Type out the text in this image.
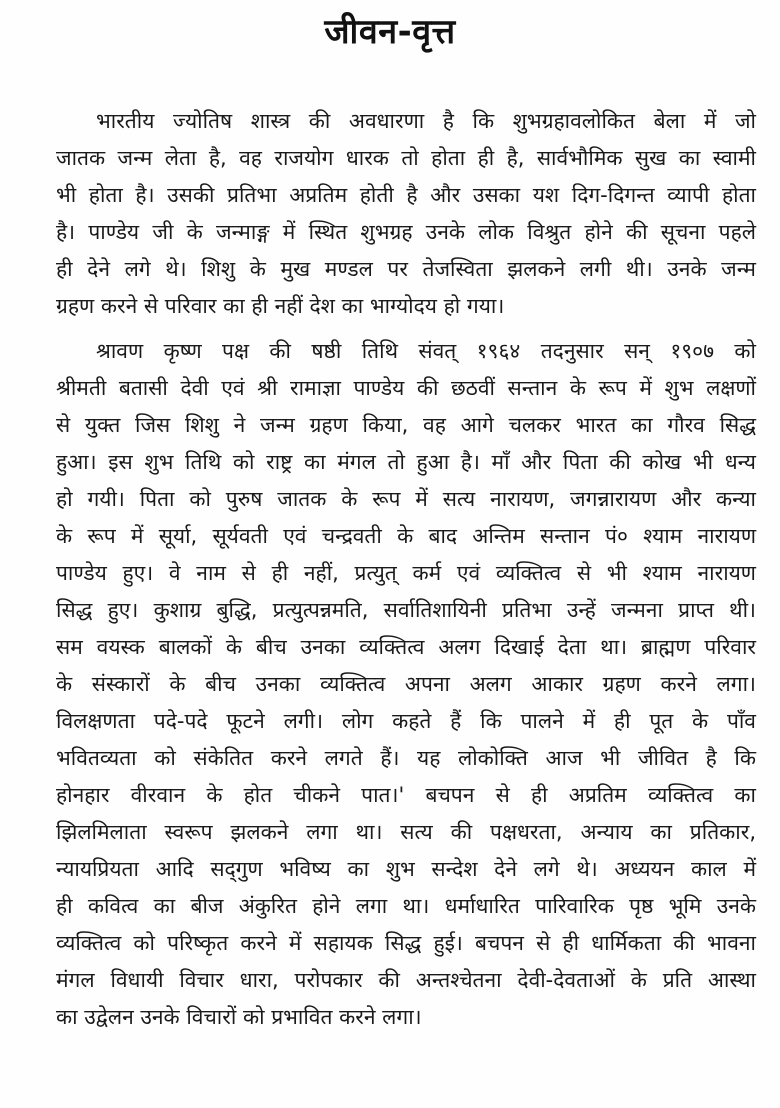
जीवन-वृत्त
भारतीय ज्योतिष शास्त्र की अवधारणा है कि शुभग्रहावलोकित बेला में जो
जातक जन्म लेता है, वह राजयोग धारक तो होता ही है, सार्वभौमिक सुख का स्वामी
भी होता है। उसकी प्रतिभा अप्रतिम होती है और उसका यश दिग-दिगन्त व्यापी होता
है। पाण्डेय जी के जन्माङ्ग में स्थित शुभग्रह उनके लोक विश्रुत होने की सूचना पहले
ही देने लगे थे। शिशु के मुख मण्डल पर तेजस्विता झलकने लगी थी। उनके जन्म
ग्रहण करने से परिवार का ही नहीं देश का भाग्योदय हो गया।
श्रावण कृष्ण पक्ष की षष्ठी तिथि संवत् १९६४ तदनुसार सन् १९०७ को
श्रीमती बतासी देवी एवं श्री रामाज्ञा पाण्डेय की छठवीं सन्तान के रूप में शुभ लक्षणों
से युक्त जिस शिशु ने जन्म ग्रहण किया, वह आगे चलकर भारत का गौरव सिद्ध
हुआ। इस शुभ तिथि को राष्ट्र का मंगल तो हुआ है। माँ और पिता की कोख भी धन्य
हो गयी। पिता को पुरुष जातक के रूप में सत्य नारायण, जगन्नारायण और कन्या
के रूप में सूर्या, सूर्यवती एवं चन्द्रवती के बाद अन्तिम सन्तान पं० श्याम नारायण
पाण्डेय हुए। वे नाम से ही नहीं, प्रत्युत् कर्म एवं व्यक्तित्व से भी श्याम नारायण
सिद्ध हुए। कुशाग्र बुद्धि, प्रत्युत्पन्नमति, सर्वातिशायिनी प्रतिभा उन्हें जन्मना प्राप्त थी।
सम वयस्क बालकों के बीच उनका व्यक्तित्व अलग दिखाई देता था। ब्राह्मण परिवार
के संस्कारों के बीच उनका व्यक्तित्व अपना अलग आकार ग्रहण करने लगा।
विलक्षणता पदे-पदे फूटने लगी। लोग कहते हैं कि पालने में ही पूत के पाँव
भवितव्यता को संकेतित करने लगते हैं। यह लोकोक्ति आज भी जीवित है कि
होनहार वीरवान के होत चीकने पात।' बचपन से ही अप्रतिम व्यक्तित्व का
झिलमिलाता स्वरूप झलकने लगा था। सत्य की पक्षधरता, अन्याय का प्रतिकार,
न्यायप्रियता आदि सद्‌गुण भविष्य का शुभ सन्देश देने लगे थे। अध्ययन काल में
ही कवित्व का बीज अंकुरित होने लगा था। धर्माधारित पारिवारिक पृष्ठ भूमि उनके
व्यक्तित्व को परिष्कृत करने में सहायक सिद्ध हुई। बचपन से ही धार्मिकता की भावना
मंगल विधायी विचार धारा, परोपकार की अन्तश्चेतना देवी-देवताओं के प्रति आस्था
का उद्वेलन उनके विचारों को प्रभावित करने लगा।
